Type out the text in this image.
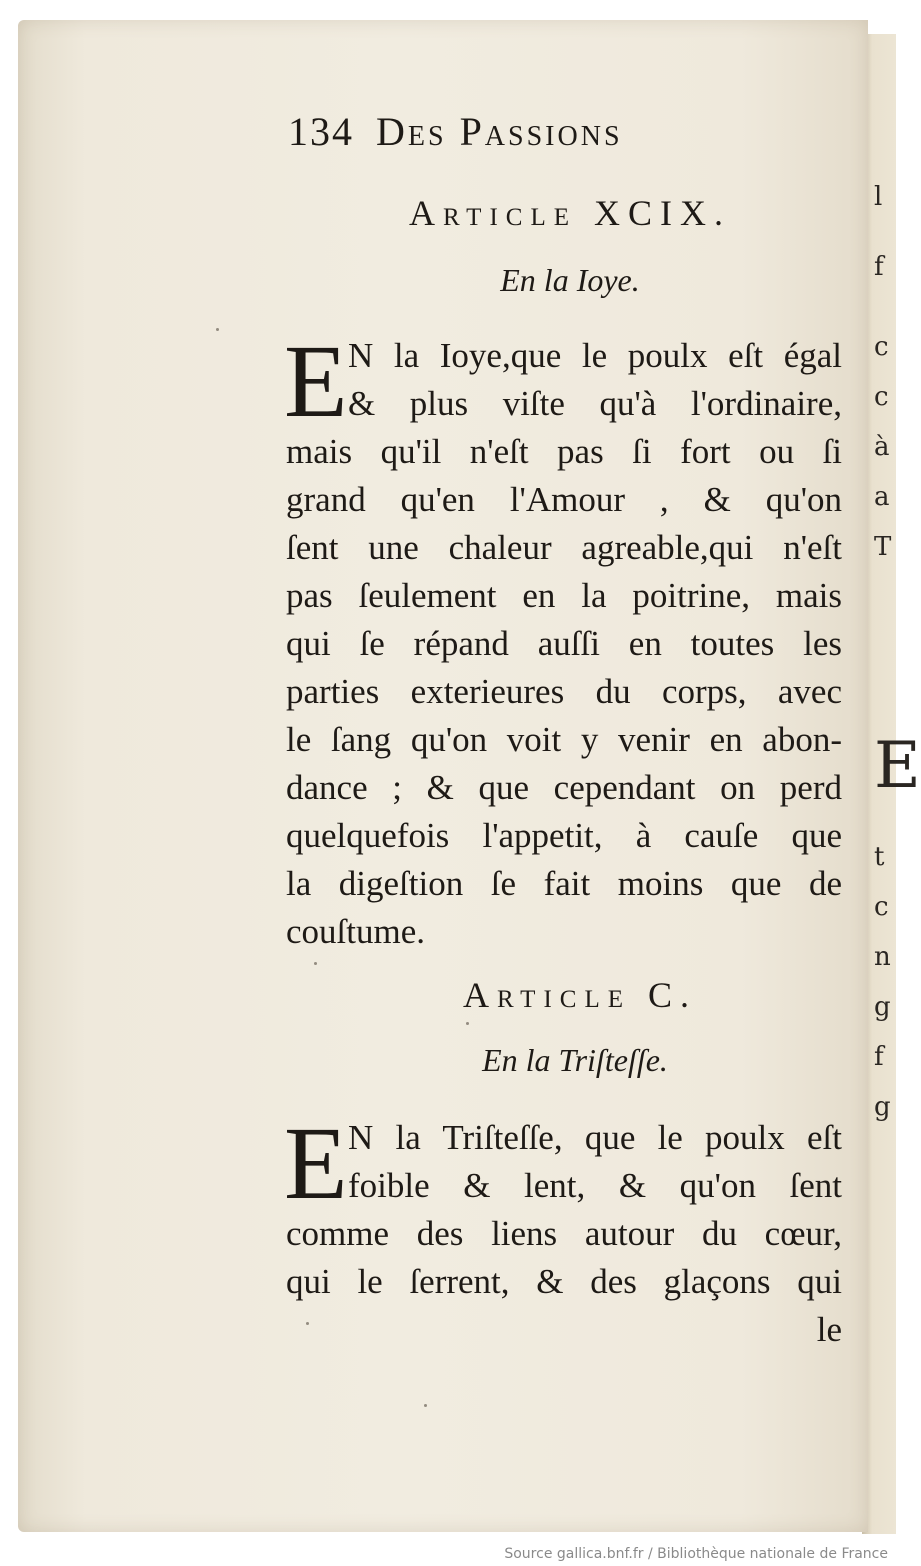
l
f
c
c
à
a
T
E
t
c
n
g
f
g
134 Des Passions
Article XCIX.
En la Ioye.
E N la Ioye,que le poulx eſt égal
& plus viſte qu'à l'ordinaire,
mais qu'il n'eſt pas ſi fort ou ſi
grand qu'en l'Amour , & qu'on
ſent une chaleur agreable,qui n'eſt
pas ſeulement en la poitrine, mais
qui ſe répand auſſi en toutes les
parties exterieures du corps, avec
le ſang qu'on voit y venir en abon-
dance ; & que cependant on perd
quelquefois l'appetit, à cauſe que
la digeſtion ſe fait moins que de
couſtume.
Article C.
En la Triſteſſe.
E N la Triſteſſe, que le poulx eſt
foible & lent, & qu'on ſent
comme des liens autour du cœur,
qui le ſerrent, & des glaçons qui
le
Source gallica.bnf.fr / Bibliothèque nationale de France
